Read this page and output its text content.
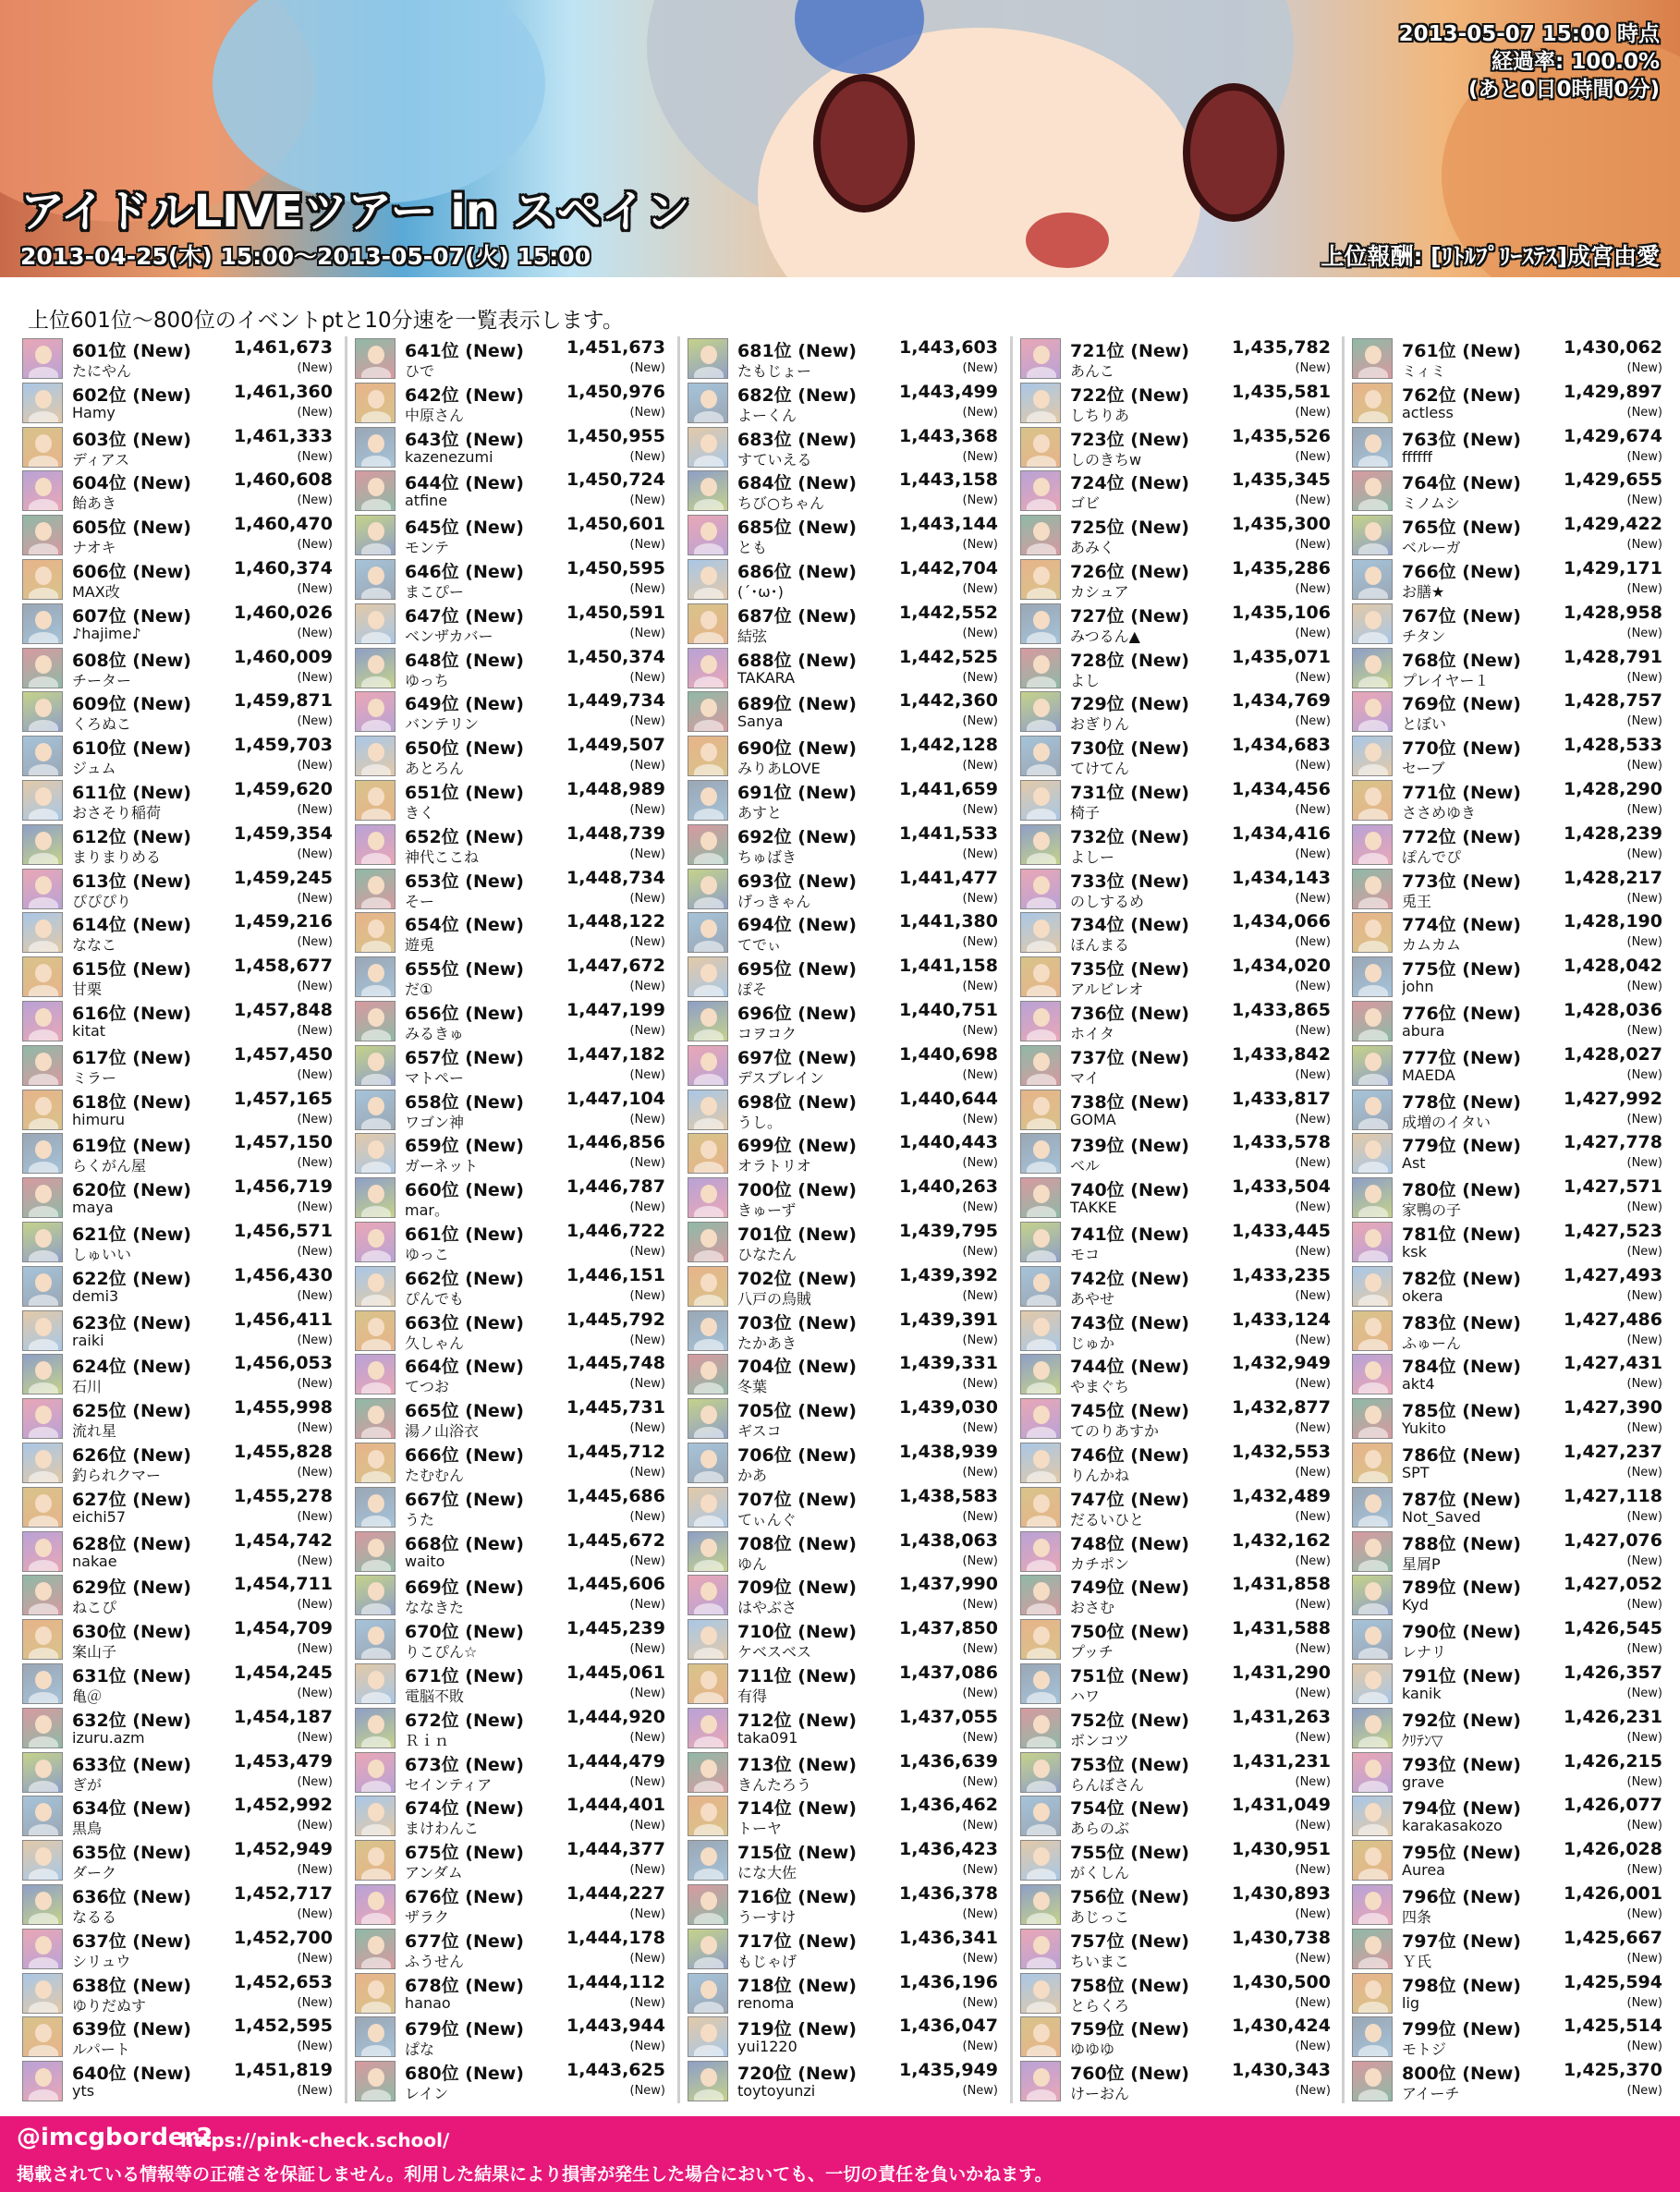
2013-05-07 15:00 時点
経過率: 100.0%
(あと0日0時間0分)
アイドルLIVEツアー in スペイン
2013-04-25(木) 15:00～2013-05-07(火) 15:00	上位報酬: [ﾘﾄﾙﾌﾟﾘｰｽﾃｽ]成宮由愛
上位601位～800位のイベントptと10分速を一覧表示します。
601位 (New)
たにやん
1,461,673
(New)
602位 (New)
Hamy
1,461,360
(New)
603位 (New)
ディアス
1,461,333
(New)
604位 (New)
飴あき
1,460,608
(New)
605位 (New)
ナオキ
1,460,470
(New)
606位 (New)
MAX改
1,460,374
(New)
607位 (New)
♪hajime♪
1,460,026
(New)
608位 (New)
チーター
1,460,009
(New)
609位 (New)
くろぬこ
1,459,871
(New)
610位 (New)
ジュム
1,459,703
(New)
611位 (New)
おさそり稲荷
1,459,620
(New)
612位 (New)
まりまりめる
1,459,354
(New)
613位 (New)
ぴぴぴり
1,459,245
(New)
614位 (New)
ななこ
1,459,216
(New)
615位 (New)
甘栗
1,458,677
(New)
616位 (New)
kitat
1,457,848
(New)
617位 (New)
ミラー
1,457,450
(New)
618位 (New)
himuru
1,457,165
(New)
619位 (New)
らくがん屋
1,457,150
(New)
620位 (New)
maya
1,456,719
(New)
621位 (New)
しゅいい
1,456,571
(New)
622位 (New)
demi3
1,456,430
(New)
623位 (New)
raiki
1,456,411
(New)
624位 (New)
石川
1,456,053
(New)
625位 (New)
流れ星
1,455,998
(New)
626位 (New)
釣られクマー
1,455,828
(New)
627位 (New)
eichi57
1,455,278
(New)
628位 (New)
nakae
1,454,742
(New)
629位 (New)
ねこぴ
1,454,711
(New)
630位 (New)
案山子
1,454,709
(New)
631位 (New)
亀＠
1,454,245
(New)
632位 (New)
izuru.azm
1,454,187
(New)
633位 (New)
ぎが
1,453,479
(New)
634位 (New)
黒鳥
1,452,992
(New)
635位 (New)
ダーク
1,452,949
(New)
636位 (New)
なるる
1,452,717
(New)
637位 (New)
シリュウ
1,452,700
(New)
638位 (New)
ゆりだぬす
1,452,653
(New)
639位 (New)
ルパート
1,452,595
(New)
640位 (New)
yts
1,451,819
(New)
641位 (New)
ひで
1,451,673
(New)
642位 (New)
中原さん
1,450,976
(New)
643位 (New)
kazenezumi
1,450,955
(New)
644位 (New)
atfine
1,450,724
(New)
645位 (New)
モンテ
1,450,601
(New)
646位 (New)
まこぴー
1,450,595
(New)
647位 (New)
ベンザカバー
1,450,591
(New)
648位 (New)
ゆっち
1,450,374
(New)
649位 (New)
バンテリン
1,449,734
(New)
650位 (New)
あとろん
1,449,507
(New)
651位 (New)
きく
1,448,989
(New)
652位 (New)
神代ここね
1,448,739
(New)
653位 (New)
そー
1,448,734
(New)
654位 (New)
遊兎
1,448,122
(New)
655位 (New)
だ①
1,447,672
(New)
656位 (New)
みるきゅ
1,447,199
(New)
657位 (New)
マトペー
1,447,182
(New)
658位 (New)
ワゴン神
1,447,104
(New)
659位 (New)
ガーネット
1,446,856
(New)
660位 (New)
mar。
1,446,787
(New)
661位 (New)
ゆっこ
1,446,722
(New)
662位 (New)
ぴんでも
1,446,151
(New)
663位 (New)
久しゃん
1,445,792
(New)
664位 (New)
てつお
1,445,748
(New)
665位 (New)
湯ノ山浴衣
1,445,731
(New)
666位 (New)
たむむん
1,445,712
(New)
667位 (New)
うた
1,445,686
(New)
668位 (New)
waito
1,445,672
(New)
669位 (New)
ななきた
1,445,606
(New)
670位 (New)
りこぴん☆
1,445,239
(New)
671位 (New)
電脳不敗
1,445,061
(New)
672位 (New)
Ｒｉｎ
1,444,920
(New)
673位 (New)
セインティア
1,444,479
(New)
674位 (New)
まけわんこ
1,444,401
(New)
675位 (New)
アンダム
1,444,377
(New)
676位 (New)
ザラク
1,444,227
(New)
677位 (New)
ふうせん
1,444,178
(New)
678位 (New)
hanao
1,444,112
(New)
679位 (New)
ぱな
1,443,944
(New)
680位 (New)
レイン
1,443,625
(New)
681位 (New)
たもじょー
1,443,603
(New)
682位 (New)
よーくん
1,443,499
(New)
683位 (New)
すていえる
1,443,368
(New)
684位 (New)
ちび○ちゃん
1,443,158
(New)
685位 (New)
とも
1,443,144
(New)
686位 (New)
(´･ω･)
1,442,704
(New)
687位 (New)
結弦
1,442,552
(New)
688位 (New)
TAKARA
1,442,525
(New)
689位 (New)
Sanya
1,442,360
(New)
690位 (New)
みりあLOVE
1,442,128
(New)
691位 (New)
あすと
1,441,659
(New)
692位 (New)
ちゅばき
1,441,533
(New)
693位 (New)
げっきゃん
1,441,477
(New)
694位 (New)
てでぃ
1,441,380
(New)
695位 (New)
ぽそ
1,441,158
(New)
696位 (New)
コヲコク
1,440,751
(New)
697位 (New)
デスブレイン
1,440,698
(New)
698位 (New)
うし。
1,440,644
(New)
699位 (New)
オラトリオ
1,440,443
(New)
700位 (New)
きゅーず
1,440,263
(New)
701位 (New)
ひなたん
1,439,795
(New)
702位 (New)
八戸の烏賊
1,439,392
(New)
703位 (New)
たかあき
1,439,391
(New)
704位 (New)
冬葉
1,439,331
(New)
705位 (New)
ギスコ
1,439,030
(New)
706位 (New)
かあ
1,438,939
(New)
707位 (New)
てぃんぐ
1,438,583
(New)
708位 (New)
ゆん
1,438,063
(New)
709位 (New)
はやぶさ
1,437,990
(New)
710位 (New)
ケベスベス
1,437,850
(New)
711位 (New)
有得
1,437,086
(New)
712位 (New)
taka091
1,437,055
(New)
713位 (New)
きんたろう
1,436,639
(New)
714位 (New)
トーヤ
1,436,462
(New)
715位 (New)
にな大佐
1,436,423
(New)
716位 (New)
うーすけ
1,436,378
(New)
717位 (New)
もじゃげ
1,436,341
(New)
718位 (New)
renoma
1,436,196
(New)
719位 (New)
yui1220
1,436,047
(New)
720位 (New)
toytoyunzi
1,435,949
(New)
721位 (New)
あんこ
1,435,782
(New)
722位 (New)
しちりあ
1,435,581
(New)
723位 (New)
しのきちw
1,435,526
(New)
724位 (New)
ゴビ
1,435,345
(New)
725位 (New)
あみく
1,435,300
(New)
726位 (New)
カシュア
1,435,286
(New)
727位 (New)
みつるん▲
1,435,106
(New)
728位 (New)
よし
1,435,071
(New)
729位 (New)
おぎりん
1,434,769
(New)
730位 (New)
てけてん
1,434,683
(New)
731位 (New)
椅子
1,434,456
(New)
732位 (New)
よしー
1,434,416
(New)
733位 (New)
のしするめ
1,434,143
(New)
734位 (New)
ほんまる
1,434,066
(New)
735位 (New)
アルビレオ
1,434,020
(New)
736位 (New)
ホイタ
1,433,865
(New)
737位 (New)
マイ
1,433,842
(New)
738位 (New)
GOMA
1,433,817
(New)
739位 (New)
ベル
1,433,578
(New)
740位 (New)
TAKKE
1,433,504
(New)
741位 (New)
モコ
1,433,445
(New)
742位 (New)
あやせ
1,433,235
(New)
743位 (New)
じゅか
1,433,124
(New)
744位 (New)
やまぐち
1,432,949
(New)
745位 (New)
てのりあすか
1,432,877
(New)
746位 (New)
りんかね
1,432,553
(New)
747位 (New)
だるいひと
1,432,489
(New)
748位 (New)
カチポン
1,432,162
(New)
749位 (New)
おさむ
1,431,858
(New)
750位 (New)
プッチ
1,431,588
(New)
751位 (New)
ハワ
1,431,290
(New)
752位 (New)
ボンコツ
1,431,263
(New)
753位 (New)
らんぼさん
1,431,231
(New)
754位 (New)
あらのぶ
1,431,049
(New)
755位 (New)
がくしん
1,430,951
(New)
756位 (New)
あじっこ
1,430,893
(New)
757位 (New)
ちいまこ
1,430,738
(New)
758位 (New)
とらくろ
1,430,500
(New)
759位 (New)
ゆゆゆ
1,430,424
(New)
760位 (New)
けーおん
1,430,343
(New)
761位 (New)
ミィミ
1,430,062
(New)
762位 (New)
actless
1,429,897
(New)
763位 (New)
ffffff
1,429,674
(New)
764位 (New)
ミノムシ
1,429,655
(New)
765位 (New)
ベルーガ
1,429,422
(New)
766位 (New)
お膳★
1,429,171
(New)
767位 (New)
チタン
1,428,958
(New)
768位 (New)
プレイヤー１
1,428,791
(New)
769位 (New)
とぼい
1,428,757
(New)
770位 (New)
セーブ
1,428,533
(New)
771位 (New)
ささめゆき
1,428,290
(New)
772位 (New)
ぽんでぴ
1,428,239
(New)
773位 (New)
兎王
1,428,217
(New)
774位 (New)
カムカム
1,428,190
(New)
775位 (New)
john
1,428,042
(New)
776位 (New)
abura
1,428,036
(New)
777位 (New)
MAEDA
1,428,027
(New)
778位 (New)
成増のイタい
1,427,992
(New)
779位 (New)
Ast
1,427,778
(New)
780位 (New)
家鴨の子
1,427,571
(New)
781位 (New)
ksk
1,427,523
(New)
782位 (New)
okera
1,427,493
(New)
783位 (New)
ふゅーん
1,427,486
(New)
784位 (New)
akt4
1,427,431
(New)
785位 (New)
Yukito
1,427,390
(New)
786位 (New)
SPT
1,427,237
(New)
787位 (New)
Not_Saved
1,427,118
(New)
788位 (New)
星屑P
1,427,076
(New)
789位 (New)
Kyd
1,427,052
(New)
790位 (New)
レナリ
1,426,545
(New)
791位 (New)
kanik
1,426,357
(New)
792位 (New)
ｸﾘﾃﾝ▽
1,426,231
(New)
793位 (New)
grave
1,426,215
(New)
794位 (New)
karakasakozo
1,426,077
(New)
795位 (New)
Aurea
1,426,028
(New)
796位 (New)
四条
1,426,001
(New)
797位 (New)
Ｙ氏
1,425,667
(New)
798位 (New)
lig
1,425,594
(New)
799位 (New)
モトジ
1,425,514
(New)
800位 (New)
アイーチ
1,425,370
(New)
@imcgborder2
https://pink-check.school/
掲載されている情報等の正確さを保証しません。利用した結果により損害が発生した場合においても、一切の責任を負いかねます。
